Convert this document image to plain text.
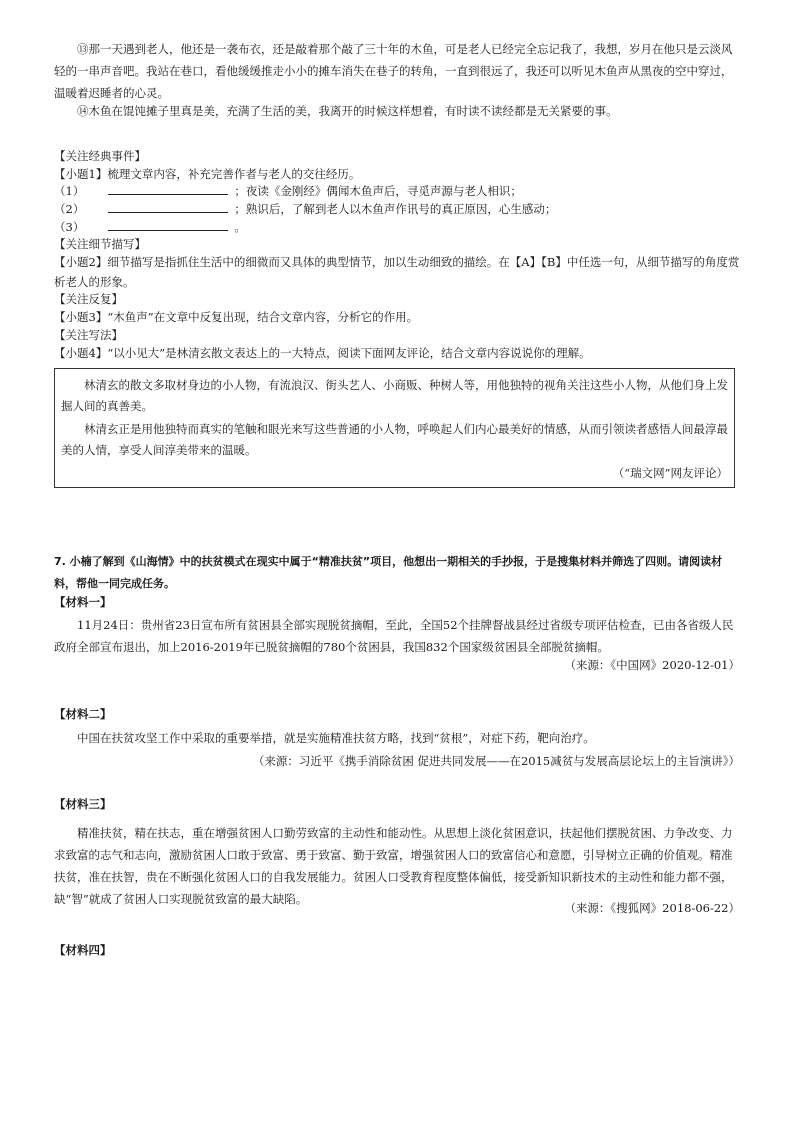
⑬那一天遇到老人，他还是一袭布衣，还是敲着那个敲了三十年的木鱼，可是老人已经完全忘记我了，我想，岁月在他只是云淡风轻的一串声音吧。我站在巷口，看他缓缓推走小小的摊车消失在巷子的转角，一直到很远了，我还可以听见木鱼声从黑夜的空中穿过，温暖着迟睡者的心灵。

⑭木鱼在馄饨摊子里真是美，充满了生活的美，我离开的时候这样想着，有时读不读经都是无关紧要的事。

【关注经典事件】

【小题1】梳理文章内容，补充完善作者与老人的交往经历。

（1）	；夜读《金刚经》偶闻木鱼声后，寻觅声源与老人相识；

（2）	；熟识后，了解到老人以木鱼声作讯号的真正原因，心生感动；

（3）	。

【关注细节描写】

【小题2】细节描写是指抓住生活中的细微而又具体的典型情节，加以生动细致的描绘。在【A】【B】中任选一句，从细节描写的角度赏析老人的形象。

【关注反复】

【小题3】“木鱼声”在文章中反复出现，结合文章内容，分析它的作用。

【关注写法】

【小题4】“以小见大”是林清玄散文表达上的一大特点，阅读下面网友评论，结合文章内容说说你的理解。

林清玄的散文多取材身边的小人物，有流浪汉、街头艺人、小商贩、种树人等，用他独特的视角关注这些小人物，从他们身上发掘人间的真善美。

林清玄正是用他独特而真实的笔触和眼光来写这些普通的小人物，呼唤起人们内心最美好的情感，从而引领读者感悟人间最淳最美的人情，享受人间淳美带来的温暖。

（“瑞文网”网友评论）

7. 小楠了解到《山海情》中的扶贫模式在现实中属于“精准扶贫”项目，他想出一期相关的手抄报，于是搜集材料并筛选了四则。请阅读材料，帮他一同完成任务。

【材料一】

11月24日：贵州省23日宣布所有贫困县全部实现脱贫摘帽，至此，全国52个挂牌督战县经过省级专项评估检查，已由各省级人民政府全部宣布退出，加上2016-2019年已脱贫摘帽的780个贫困县，我国832个国家级贫困县全部脱贫摘帽。

（来源：《中国网》2020-12-01）

【材料二】

中国在扶贫攻坚工作中采取的重要举措，就是实施精准扶贫方略，找到“贫根”，对症下药，靶向治疗。

（来源：习近平《携手消除贫困 促进共同发展——在2015减贫与发展高层论坛上的主旨演讲》）

【材料三】

精准扶贫，精在扶志，重在增强贫困人口勤劳致富的主动性和能动性。从思想上淡化贫困意识，扶起他们摆脱贫困、力争改变、力求致富的志气和志向，激励贫困人口敢于致富、勇于致富、勤于致富，增强贫困人口的致富信心和意愿，引导树立正确的价值观。精准扶贫，准在扶智，贵在不断强化贫困人口的自我发展能力。贫困人口受教育程度整体偏低，接受新知识新技术的主动性和能力都不强，缺“智”就成了贫困人口实现脱贫致富的最大缺陷。

（来源：《搜狐网》2018-06-22）

【材料四】
